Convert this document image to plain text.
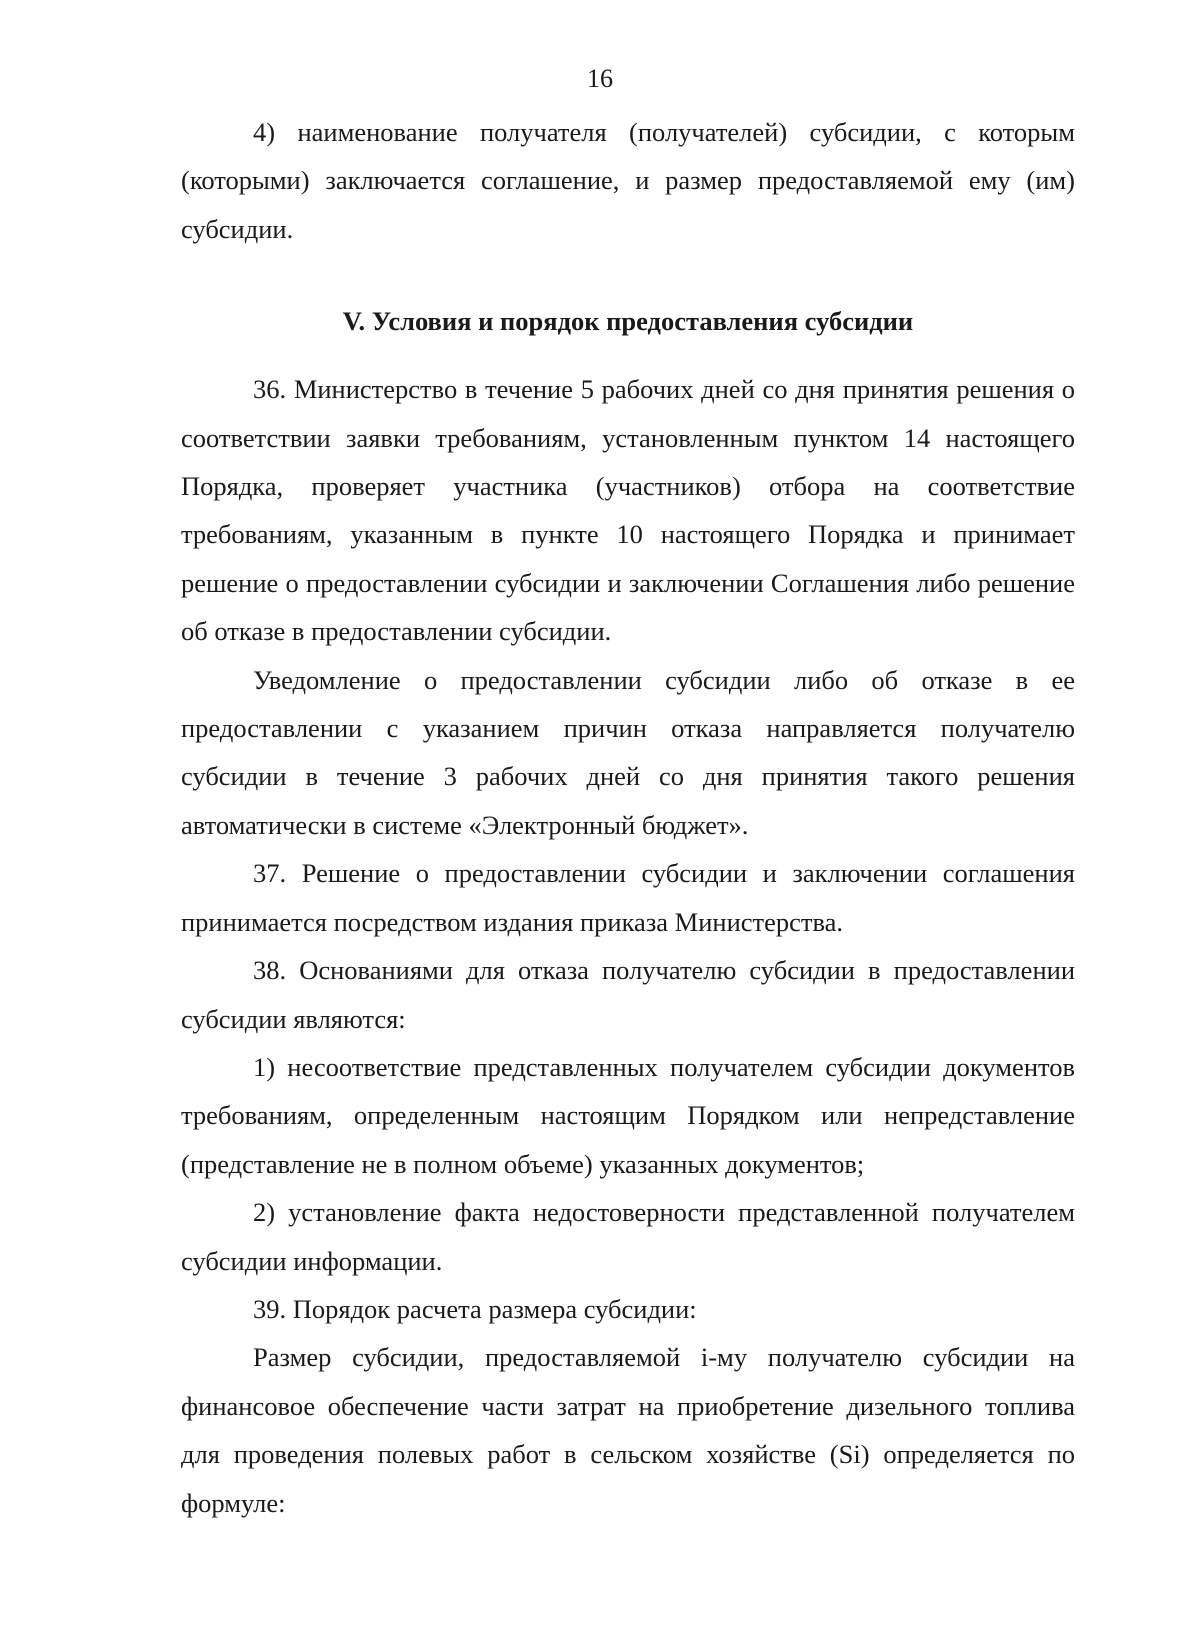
16

4) наименование получателя (получателей) субсидии, с которым (которыми) заключается соглашение, и размер предоставляемой ему (им) субсидии.

V. Условия и порядок предоставления субсидии

36. Министерство в течение 5 рабочих дней со дня принятия решения о соответствии заявки требованиям, установленным пунктом 14 настоящего Порядка, проверяет участника (участников) отбора на соответствие требованиям, указанным в пункте 10 настоящего Порядка и принимает решение о предоставлении субсидии и заключении Соглашения либо решение об отказе в предоставлении субсидии.

Уведомление о предоставлении субсидии либо об отказе в ее предоставлении с указанием причин отказа направляется получателю субсидии в течение 3 рабочих дней со дня принятия такого решения автоматически в системе «Электронный бюджет».

37. Решение о предоставлении субсидии и заключении соглашения принимается посредством издания приказа Министерства.

38. Основаниями для отказа получателю субсидии в предоставлении субсидии являются:

1) несоответствие представленных получателем субсидии документов требованиям, определенным настоящим Порядком или непредставление (представление не в полном объеме) указанных документов;

2) установление факта недостоверности представленной получателем субсидии информации.

39. Порядок расчета размера субсидии:

Размер субсидии, предоставляемой i-му получателю субсидии на финансовое обеспечение части затрат на приобретение дизельного топлива для проведения полевых работ в сельском хозяйстве (Si) определяется по формуле:
